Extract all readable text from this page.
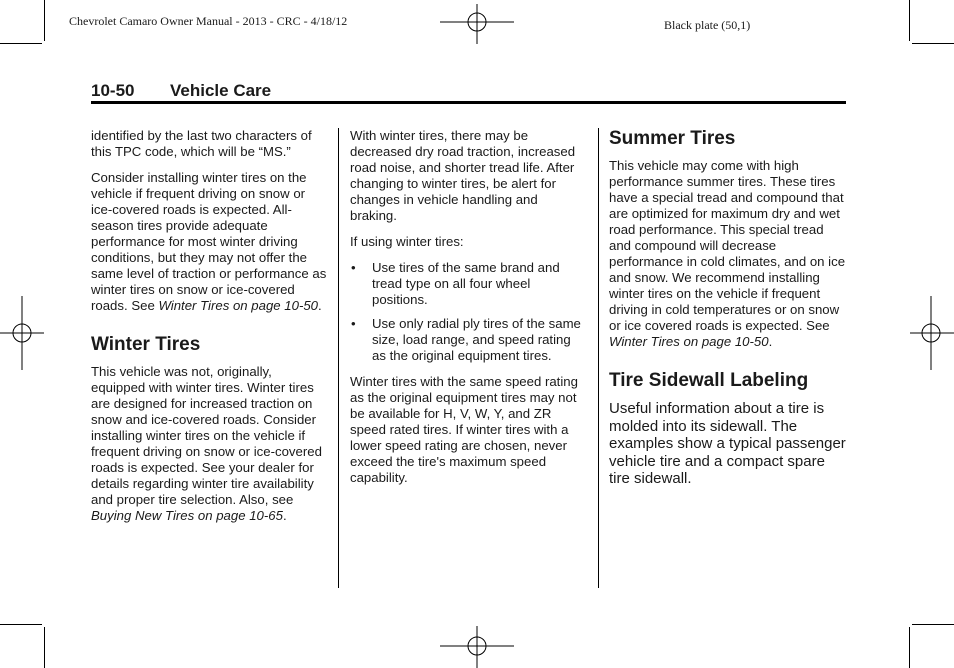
Chevrolet Camaro Owner Manual - 2013 - CRC - 4/18/12	Black plate (50,1)
10-50 Vehicle Care

identified by the last two characters of this TPC code, which will be “MS.”

Consider installing winter tires on the vehicle if frequent driving on snow or ice-covered roads is expected. All-season tires provide adequate performance for most winter driving conditions, but they may not offer the same level of traction or performance as winter tires on snow or ice-covered roads. See Winter Tires on page 10-50.

Winter Tires

This vehicle was not, originally, equipped with winter tires. Winter tires are designed for increased traction on snow and ice-covered roads. Consider installing winter tires on the vehicle if frequent driving on snow or ice-covered roads is expected. See your dealer for details regarding winter tire availability and proper tire selection. Also, see Buying New Tires on page 10-65.

With winter tires, there may be decreased dry road traction, increased road noise, and shorter tread life. After changing to winter tires, be alert for changes in vehicle handling and braking.

If using winter tires:

• Use tires of the same brand and tread type on all four wheel positions.
• Use only radial ply tires of the same size, load range, and speed rating as the original equipment tires.

Winter tires with the same speed rating as the original equipment tires may not be available for H, V, W, Y, and ZR speed rated tires. If winter tires with a lower speed rating are chosen, never exceed the tire's maximum speed capability.

Summer Tires

This vehicle may come with high performance summer tires. These tires have a special tread and compound that are optimized for maximum dry and wet road performance. This special tread and compound will decrease performance in cold climates, and on ice and snow. We recommend installing winter tires on the vehicle if frequent driving in cold temperatures or on snow or ice covered roads is expected. See Winter Tires on page 10-50.

Tire Sidewall Labeling

Useful information about a tire is molded into its sidewall. The examples show a typical passenger vehicle tire and a compact spare tire sidewall.
